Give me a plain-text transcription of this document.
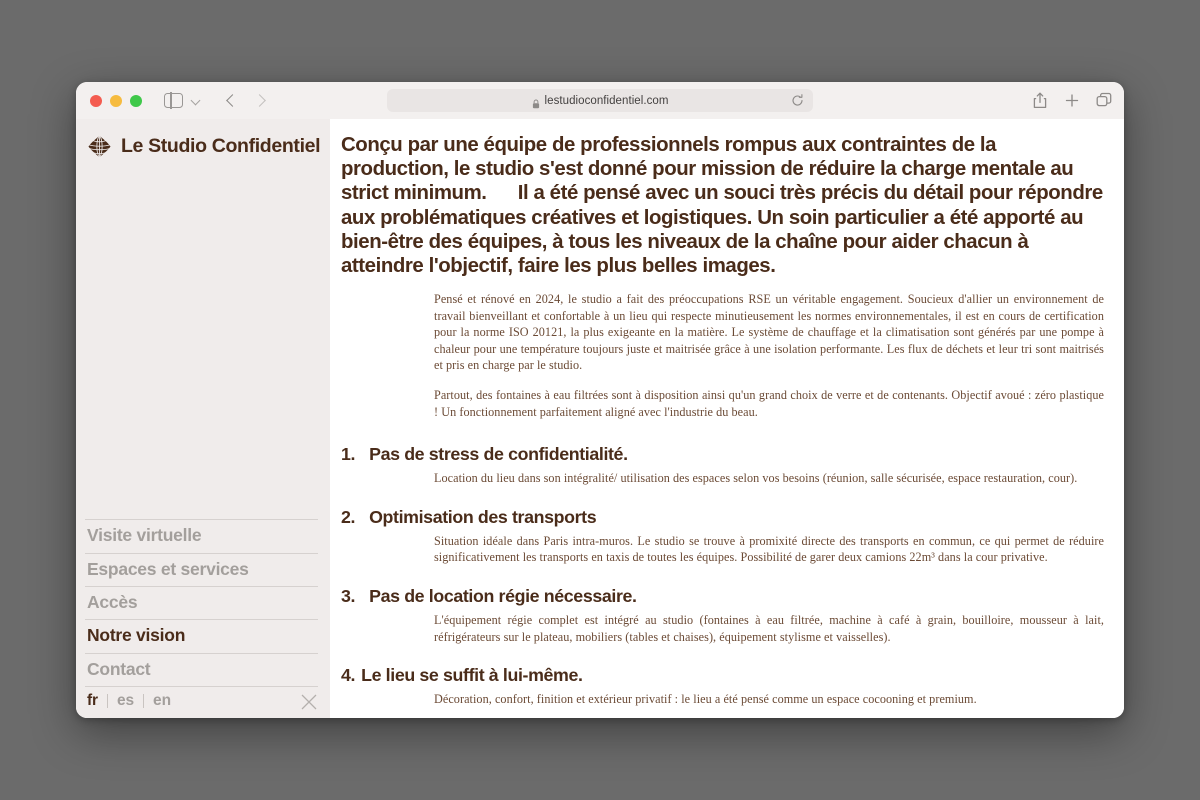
lestudioconfidentiel.com
Le Studio Confidentiel
Visite virtuelle
Espaces et services
Accès
Notre vision
Contact
fr es en
Conçu par une équipe de professionnels rompus aux contraintes de la production, le studio s'est donné pour mission de réduire la charge mentale au strict minimum. Il a été pensé avec un souci très précis du détail pour répondre aux problématiques créatives et logistiques. Un soin particulier a été apporté au bien-être des équipes, à tous les niveaux de la chaîne pour aider chacun à atteindre l'objectif, faire les plus belles images.

Pensé et rénové en 2024, le studio a fait des préoccupations RSE un véritable engagement. Soucieux d'allier un environnement de travail bienveillant et confortable à un lieu qui respecte minutieusement les normes environnementales, il est en cours de certification pour la norme ISO 20121, la plus exigeante en la matière. Le système de chauffage et la climatisation sont générés par une pompe à chaleur pour une température toujours juste et maitrisée grâce à une isolation performante. Les flux de déchets et leur tri sont maitrisés et pris en charge par le studio.

Partout, des fontaines à eau filtrées sont à disposition ainsi qu'un grand choix de verre et de contenants. Objectif avoué : zéro plastique ! Un fonctionnement parfaitement aligné avec l'industrie du beau.

1. Pas de stress de confidentialité.

Location du lieu dans son intégralité/ utilisation des espaces selon vos besoins (réunion, salle sécurisée, espace restauration, cour).

2. Optimisation des transports

Situation idéale dans Paris intra-muros. Le studio se trouve à promixité directe des transports en commun, ce qui permet de réduire significativement les transports en taxis de toutes les équipes. Possibilité de garer deux camions 22m³ dans la cour privative.

3. Pas de location régie nécessaire.

L'équipement régie complet est intégré au studio (fontaines à eau filtrée, machine à café à grain, bouilloire, mousseur à lait, réfrigérateurs sur le plateau, mobiliers (tables et chaises), équipement stylisme et vaisselles).

4. Le lieu se suffit à lui-même.

Décoration, confort, finition et extérieur privatif : le lieu a été pensé comme un espace cocooning et premium.
